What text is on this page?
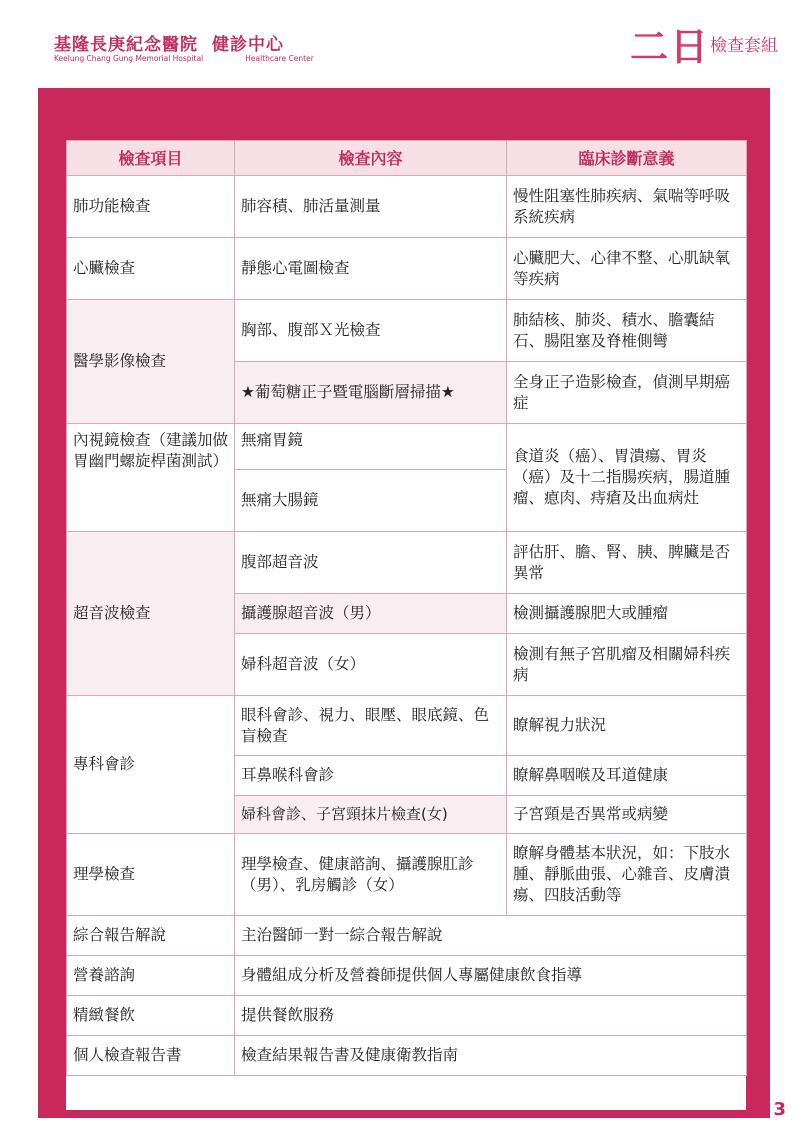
基隆長庚紀念醫院 健診中心
Keelung Chang Gung Memorial Hospital	Healthcare Center	二日檢查套組
檢查項目	檢查內容	臨床診斷意義
肺功能檢查	肺容積、肺活量測量	慢性阻塞性肺疾病、氣喘等呼吸系統疾病
心臟檢查	靜態心電圖檢查	心臟肥大、心律不整、心肌缺氧等疾病
醫學影像檢查	胸部、腹部Ｘ光檢查	肺結核、肺炎、積水、膽囊結石、腸阻塞及脊椎側彎
	★葡萄糖正子暨電腦斷層掃描★	全身正子造影檢查，偵測早期癌症
內視鏡檢查（建議加做胃幽門螺旋桿菌測試）	無痛胃鏡	食道炎（癌）、胃潰瘍、胃炎（癌）及十二指腸疾病，腸道腫瘤、瘜肉、痔瘡及出血病灶
	無痛大腸鏡	
超音波檢查	腹部超音波	評估肝、膽、腎、胰、脾臟是否異常
	攝護腺超音波（男）	檢測攝護腺肥大或腫瘤
	婦科超音波（女）	檢測有無子宮肌瘤及相關婦科疾病
專科會診	眼科會診、視力、眼壓、眼底鏡、色盲檢查	瞭解視力狀況
	耳鼻喉科會診	瞭解鼻咽喉及耳道健康
	婦科會診、子宮頸抹片檢查(女)	子宮頸是否異常或病變
理學檢查	理學檢查、健康諮詢、攝護腺肛診（男）、乳房觸診（女）	瞭解身體基本狀況，如：下肢水腫、靜脈曲張、心雜音、皮膚潰瘍、四肢活動等
綜合報告解說	主治醫師一對一綜合報告解說	
營養諮詢	身體組成分析及營養師提供個人專屬健康飲食指導	
精緻餐飲	提供餐飲服務	
個人檢查報告書	檢查結果報告書及健康衛教指南	
3
